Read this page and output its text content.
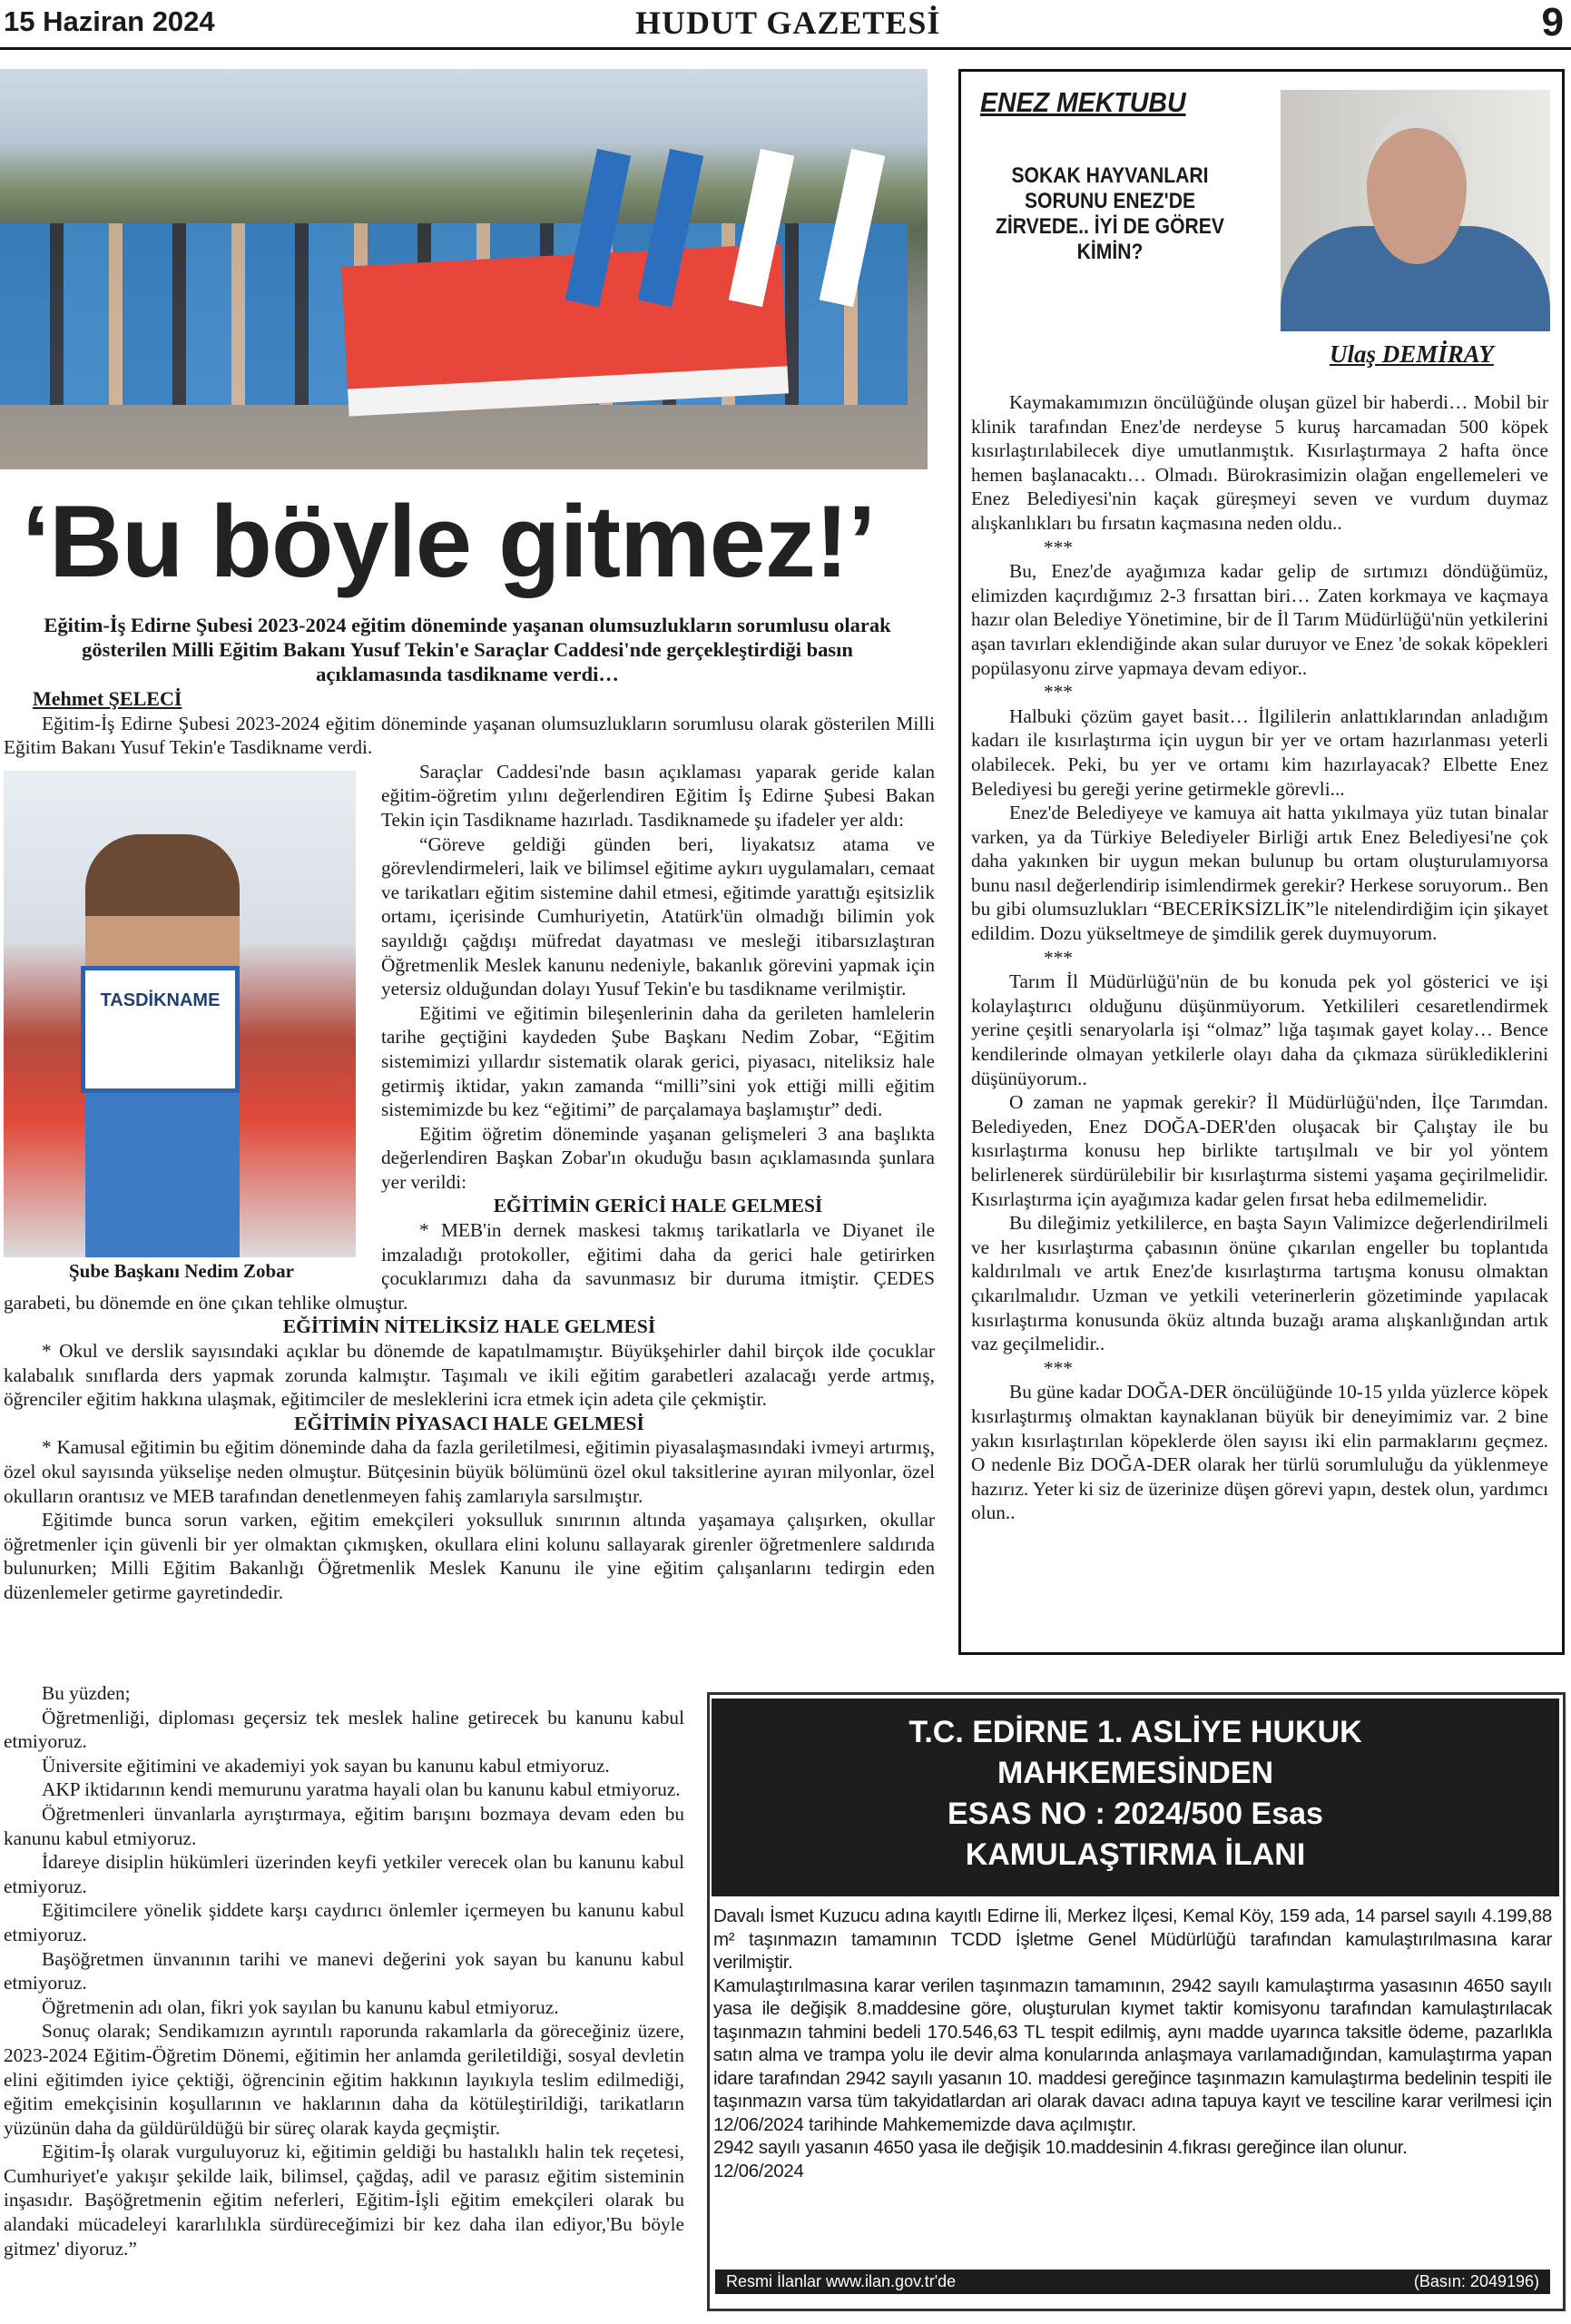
15 Haziran 2024	HUDUT GAZETESİ	9
‘Bu böyle gitmez!’
Eğitim-İş Edirne Şubesi 2023-2024 eğitim döneminde yaşanan olumsuzlukların sorumlusu olarak gösterilen Milli Eğitim Bakanı Yusuf Tekin'e Saraçlar Caddesi'nde gerçekleştirdiği basın açıklamasında tasdikname verdi…
Mehmet ŞELECİ

Eğitim-İş Edirne Şubesi 2023-2024 eğitim döneminde yaşanan olumsuzlukların sorumlusu olarak gösterilen Milli Eğitim Bakanı Yusuf Tekin'e Tasdikname verdi.

TASDİKNAME
Şube Başkanı Nedim Zobar

Saraçlar Caddesi'nde basın açıklaması yaparak geride kalan eğitim-öğretim yılını değerlendiren Eğitim İş Edirne Şubesi Bakan Tekin için Tasdikname hazırladı. Tasdiknamede şu ifadeler yer aldı:

“Göreve geldiği günden beri, liyakatsız atama ve görevlendirmeleri, laik ve bilimsel eğitime aykırı uygulamaları, cemaat ve tarikatları eğitim sistemine dahil etmesi, eğitimde yarattığı eşitsizlik ortamı, içerisinde Cumhuriyetin, Atatürk'ün olmadığı bilimin yok sayıldığı çağdışı müfredat dayatması ve mesleği itibarsızlaştıran Öğretmenlik Meslek kanunu nedeniyle, bakanlık görevini yapmak için yetersiz olduğundan dolayı Yusuf Tekin'e bu tasdikname verilmiştir.

Eğitimi ve eğitimin bileşenlerinin daha da gerileten hamlelerin tarihe geçtiğini kaydeden Şube Başkanı Nedim Zobar, “Eğitim sistemimizi yıllardır sistematik olarak gerici, piyasacı, niteliksiz hale getirmiş iktidar, yakın zamanda “milli”sini yok ettiği milli eğitim sistemimizde bu kez “eğitimi” de parçalamaya başlamıştır” dedi.

Eğitim öğretim döneminde yaşanan gelişmeleri 3 ana başlıkta değerlendiren Başkan Zobar'ın okuduğu basın açıklamasında şunlara yer verildi:

EĞİTİMİN GERİCİ HALE GELMESİ

* MEB'in dernek maskesi takmış tarikatlarla ve Diyanet ile imzaladığı protokoller, eğitimi daha da gerici hale getirirken çocuklarımızı daha da savunmasız bir duruma itmiştir. ÇEDES garabeti, bu dönemde en öne çıkan tehlike olmuştur.

EĞİTİMİN NİTELİKSİZ HALE GELMESİ

* Okul ve derslik sayısındaki açıklar bu dönemde de kapatılmamıştır. Büyükşehirler dahil birçok ilde çocuklar kalabalık sınıflarda ders yapmak zorunda kalmıştır. Taşımalı ve ikili eğitim garabetleri azalacağı yerde artmış, öğrenciler eğitim hakkına ulaşmak, eğitimciler de mesleklerini icra etmek için adeta çile çekmiştir.

EĞİTİMİN PİYASACI HALE GELMESİ

* Kamusal eğitimin bu eğitim döneminde daha da fazla geriletilmesi, eğitimin piyasalaşmasındaki ivmeyi artırmış, özel okul sayısında yükselişe neden olmuştur. Bütçesinin büyük bölümünü özel okul taksitlerine ayıran milyonlar, özel okulların orantısız ve MEB tarafından denetlenmeyen fahiş zamlarıyla sarsılmıştır.

Eğitimde bunca sorun varken, eğitim emekçileri yoksulluk sınırının altında yaşamaya çalışırken, okullar öğretmenler için güvenli bir yer olmaktan çıkmışken, okullara elini kolunu sallayarak girenler öğretmenlere saldırıda bulunurken; Milli Eğitim Bakanlığı Öğretmenlik Meslek Kanunu ile yine eğitim çalışanlarını tedirgin eden düzenlemeler getirme gayretindedir.

Bu yüzden;

Öğretmenliği, diploması geçersiz tek meslek haline getirecek bu kanunu kabul etmiyoruz.

Üniversite eğitimini ve akademiyi yok sayan bu kanunu kabul etmiyoruz.

AKP iktidarının kendi memurunu yaratma hayali olan bu kanunu kabul etmiyoruz.

Öğretmenleri ünvanlarla ayrıştırmaya, eğitim barışını bozmaya devam eden bu kanunu kabul etmiyoruz.

İdareye disiplin hükümleri üzerinden keyfi yetkiler verecek olan bu kanunu kabul etmiyoruz.

Eğitimcilere yönelik şiddete karşı caydırıcı önlemler içermeyen bu kanunu kabul etmiyoruz.

Başöğretmen ünvanının tarihi ve manevi değerini yok sayan bu kanunu kabul etmiyoruz.

Öğretmenin adı olan, fikri yok sayılan bu kanunu kabul etmiyoruz.

Sonuç olarak; Sendikamızın ayrıntılı raporunda rakamlarla da göreceğiniz üzere, 2023-2024 Eğitim-Öğretim Dönemi, eğitimin her anlamda geriletildiği, sosyal devletin elini eğitimden iyice çektiği, öğrencinin eğitim hakkının layıkıyla teslim edilmediği, eğitim emekçisinin koşullarının ve haklarının daha da kötüleştirildiği, tarikatların yüzünün daha da güldürüldüğü bir süreç olarak kayda geçmiştir.

Eğitim-İş olarak vurguluyoruz ki, eğitimin geldiği bu hastalıklı halin tek reçetesi, Cumhuriyet'e yakışır şekilde laik, bilimsel, çağdaş, adil ve parasız eğitim sisteminin inşasıdır. Başöğretmenin eğitim neferleri, Eğitim-İşli eğitim emekçileri olarak bu alandaki mücadeleyi kararlılıkla sürdüreceğimizi bir kez daha ilan ediyor,'Bu böyle gitmez' diyoruz.”

ENEZ MEKTUBU
SOKAK HAYVANLARI SORUNU ENEZ'DE ZİRVEDE.. İYİ DE GÖREV KİMİN?
Ulaş DEMİRAY

Kaymakamımızın öncülüğünde oluşan güzel bir haberdi… Mobil bir klinik tarafından Enez'de nerdeyse 5 kuruş harcamadan 500 köpek kısırlaştırılabilecek diye umutlanmıştık. Kısırlaştırmaya 2 hafta önce hemen başlanacaktı… Olmadı. Bürokrasimizin olağan engellemeleri ve Enez Belediyesi'nin kaçak güreşmeyi seven ve vurdum duymaz alışkanlıkları bu fırsatın kaçmasına neden oldu..

***

Bu, Enez'de ayağımıza kadar gelip de sırtımızı döndüğümüz, elimizden kaçırdığımız 2-3 fırsattan biri… Zaten korkmaya ve kaçmaya hazır olan Belediye Yönetimine, bir de İl Tarım Müdürlüğü'nün yetkilerini aşan tavırları eklendiğinde akan sular duruyor ve Enez 'de sokak köpekleri popülasyonu zirve yapmaya devam ediyor..

***

Halbuki çözüm gayet basit… İlgililerin anlattıklarından anladığım kadarı ile kısırlaştırma için uygun bir yer ve ortam hazırlanması yeterli olabilecek. Peki, bu yer ve ortamı kim hazırlayacak? Elbette Enez Belediyesi bu gereği yerine getirmekle görevli...

Enez'de Belediyeye ve kamuya ait hatta yıkılmaya yüz tutan binalar varken, ya da Türkiye Belediyeler Birliği artık Enez Belediyesi'ne çok daha yakınken bir uygun mekan bulunup bu ortam oluşturulamıyorsa bunu nasıl değerlendirip isimlendirmek gerekir? Herkese soruyorum.. Ben bu gibi olumsuzlukları “BECERİKSİZLİK”le nitelendirdiğim için şikayet edildim. Dozu yükseltmeye de şimdilik gerek duymuyorum.

***

Tarım İl Müdürlüğü'nün de bu konuda pek yol gösterici ve işi kolaylaştırıcı olduğunu düşünmüyorum. Yetkilileri cesaretlendirmek yerine çeşitli senaryolarla işi “olmaz” lığa taşımak gayet kolay… Bence kendilerinde olmayan yetkilerle olayı daha da çıkmaza sürüklediklerini düşünüyorum..

O zaman ne yapmak gerekir? İl Müdürlüğü'nden, İlçe Tarımdan. Belediyeden, Enez DOĞA-DER'den oluşacak bir Çalıştay ile bu kısırlaştırma konusu hep birlikte tartışılmalı ve bir yol yöntem belirlenerek sürdürülebilir bir kısırlaştırma sistemi yaşama geçirilmelidir. Kısırlaştırma için ayağımıza kadar gelen fırsat heba edilmemelidir.

Bu dileğimiz yetkililerce, en başta Sayın Valimizce değerlendirilmeli ve her kısırlaştırma çabasının önüne çıkarılan engeller bu toplantıda kaldırılmalı ve artık Enez'de kısırlaştırma tartışma konusu olmaktan çıkarılmalıdır. Uzman ve yetkili veterinerlerin gözetiminde yapılacak kısırlaştırma konusunda öküz altında buzağı arama alışkanlığından artık vaz geçilmelidir..

***

Bu güne kadar DOĞA-DER öncülüğünde 10-15 yılda yüzlerce köpek kısırlaştırmış olmaktan kaynaklanan büyük bir deneyimimiz var. 2 bine yakın kısırlaştırılan köpeklerde ölen sayısı iki elin parmaklarını geçmez. O nedenle Biz DOĞA-DER olarak her türlü sorumluluğu da yüklenmeye hazırız. Yeter ki siz de üzerinize düşen görevi yapın, destek olun, yardımcı olun..

T.C. EDİRNE 1. ASLİYE HUKUK
MAHKEMESİNDEN
ESAS NO : 2024/500 Esas
KAMULAŞTIRMA İLANI

Davalı İsmet Kuzucu adına kayıtlı Edirne İli, Merkez İlçesi, Kemal Köy, 159 ada, 14 parsel sayılı 4.199,88 m² taşınmazın tamamının TCDD İşletme Genel Müdürlüğü tarafından kamulaştırılmasına karar verilmiştir.

Kamulaştırılmasına karar verilen taşınmazın tamamının, 2942 sayılı kamulaştırma yasasının 4650 sayılı yasa ile değişik 8.maddesine göre, oluşturulan kıymet taktir komisyonu tarafından kamulaştırılacak taşınmazın tahmini bedeli 170.546,63 TL tespit edilmiş, aynı madde uyarınca taksitle ödeme, pazarlıkla satın alma ve trampa yolu ile devir alma konularında anlaşmaya varılamadığından, kamulaştırma yapan idare tarafından 2942 sayılı yasanın 10. maddesi gereğince taşınmazın kamulaştırma bedelinin tespiti ile taşınmazın varsa tüm takyidatlardan ari olarak davacı adına tapuya kayıt ve tesciline karar verilmesi için 12/06/2024 tarihinde Mahkememizde dava açılmıştır.

2942 sayılı yasanın 4650 yasa ile değişik 10.maddesinin 4.fıkrası gereğince ilan olunur.

12/06/2024

Resmi İlanlar www.ilan.gov.tr'de	(Basın: 2049196)
